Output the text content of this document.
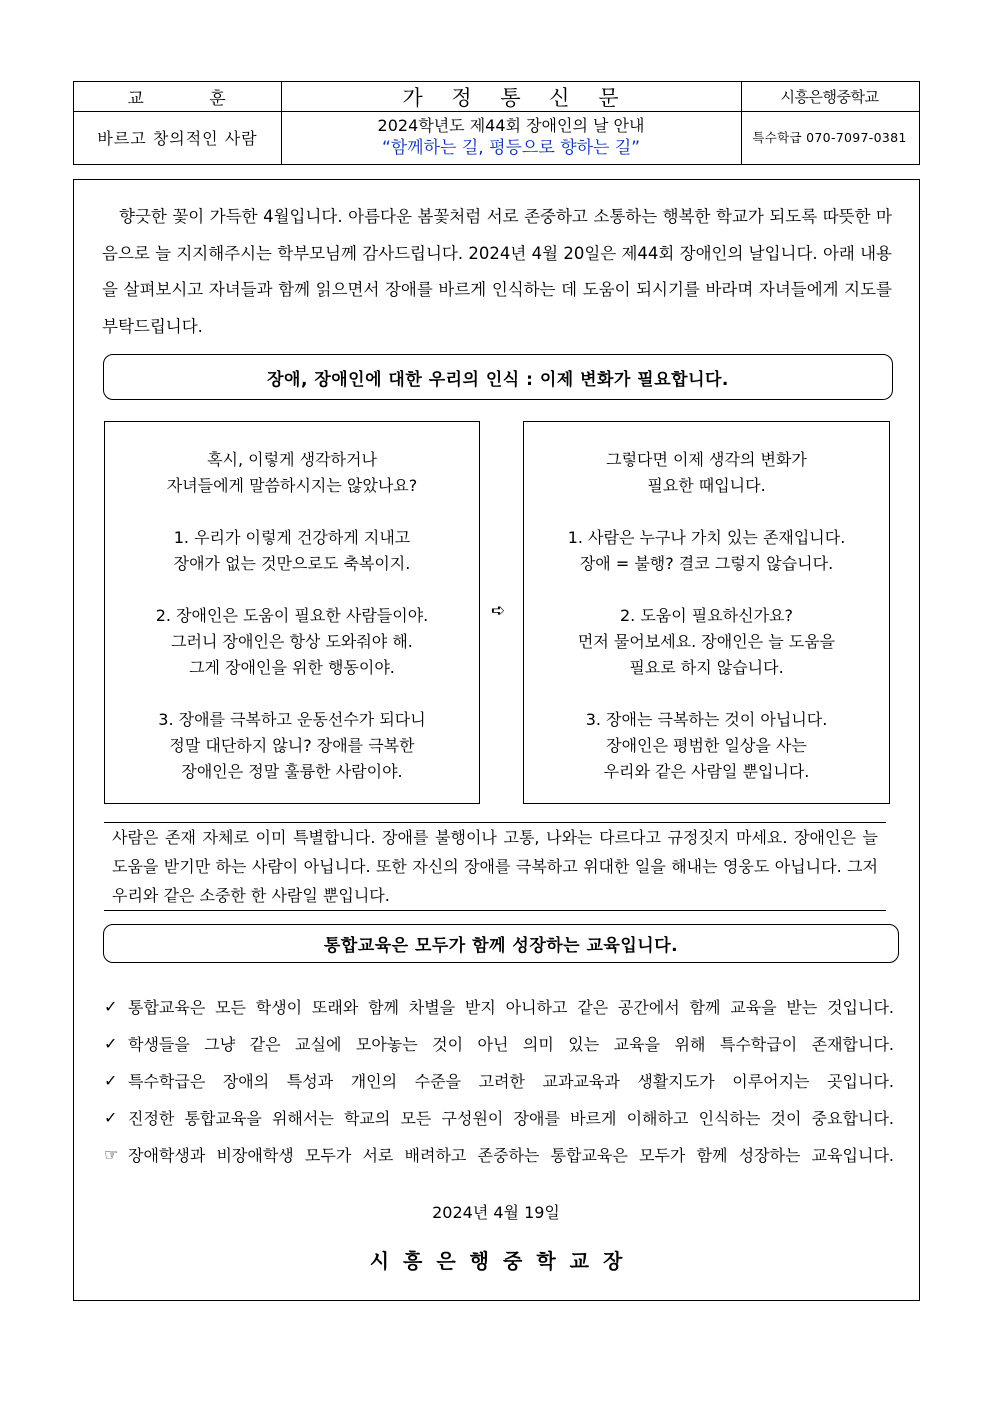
교 훈	가 정 통 신 문	시흥은행중학교
바르고 창의적인 사람
2024학년도 제44회 장애인의 날 안내
“함께하는 길, 평등으로 향하는 길”
특수학급 070-7097-0381
향긋한 꽃이 가득한 4월입니다. 아름다운 봄꽃처럼 서로 존중하고 소통하는 행복한 학교가 되도록 따뜻한 마음으로 늘 지지해주시는 학부모님께 감사드립니다. 2024년 4월 20일은 제44회 장애인의 날입니다. 아래 내용을 살펴보시고 자녀들과 함께 읽으면서 장애를 바르게 인식하는 데 도움이 되시기를 바라며 자녀들에게 지도를 부탁드립니다.
장애, 장애인에 대한 우리의 인식 : 이제 변화가 필요합니다.

혹시, 이렇게 생각하거나
자녀들에게 말씀하시지는 않았나요?

1. 우리가 이렇게 건강하게 지내고
장애가 없는 것만으로도 축복이지.

2. 장애인은 도움이 필요한 사람들이야.
그러니 장애인은 항상 도와줘야 해.
그게 장애인을 위한 행동이야.

3. 장애를 극복하고 운동선수가 되다니
정말 대단하지 않니? 장애를 극복한
장애인은 정말 훌륭한 사람이야.

➪

그렇다면 이제 생각의 변화가
필요한 때입니다.

1. 사람은 누구나 가치 있는 존재입니다.
장애 = 불행? 결코 그렇지 않습니다.

2. 도움이 필요하신가요?
먼저 물어보세요. 장애인은 늘 도움을
필요로 하지 않습니다.

3. 장애는 극복하는 것이 아닙니다.
장애인은 평범한 일상을 사는
우리와 같은 사람일 뿐입니다.

사람은 존재 자체로 이미 특별합니다. 장애를 불행이나 고통, 나와는 다르다고 규정짓지 마세요. 장애인은 늘 도움을 받기만 하는 사람이 아닙니다. 또한 자신의 장애를 극복하고 위대한 일을 해내는 영웅도 아닙니다. 그저 우리와 같은 소중한 한 사람일 뿐입니다.
통합교육은 모두가 함께 성장하는 교육입니다.
✓ 통합교육은 모든 학생이 또래와 함께 차별을 받지 아니하고 같은 공간에서 함께 교육을 받는 것입니다.
✓ 학생들을 그냥 같은 교실에 모아놓는 것이 아닌 의미 있는 교육을 위해 특수학급이 존재합니다.
✓ 특수학급은 장애의 특성과 개인의 수준을 고려한 교과교육과 생활지도가 이루어지는 곳입니다.
✓ 진정한 통합교육을 위해서는 학교의 모든 구성원이 장애를 바르게 이해하고 인식하는 것이 중요합니다.
☞ 장애학생과 비장애학생 모두가 서로 배려하고 존중하는 통합교육은 모두가 함께 성장하는 교육입니다.
2024년 4월 19일
시흥은행중학교장
